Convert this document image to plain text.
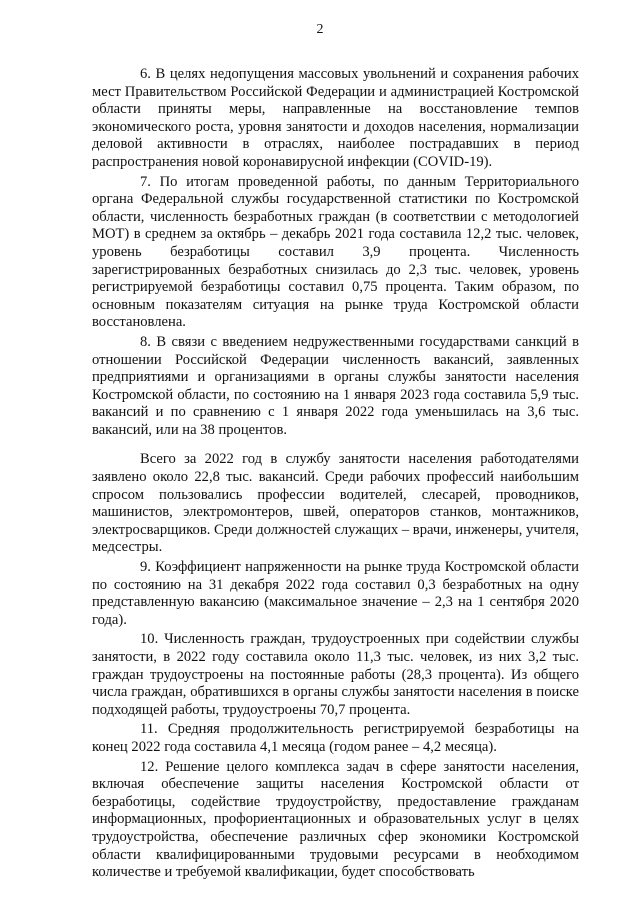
2

6. В целях недопущения массовых увольнений и сохранения рабочих мест Правительством Российской Федерации и администрацией Костромской области приняты меры, направленные на восстановление темпов экономического роста, уровня занятости и доходов населения, нормализации деловой активности в отраслях, наиболее пострадавших в период распространения новой коронавирусной инфекции (COVID-19).

7. По итогам проведенной работы, по данным Территориального органа Федеральной службы государственной статистики по Костромской области, численность безработных граждан (в соответствии с методологией МОТ) в среднем за октябрь – декабрь 2021 года составила 12,2 тыс. человек, уровень безработицы составил 3,9 процента. Численность зарегистрированных безработных снизилась до 2,3 тыс. человек, уровень регистрируемой безработицы составил 0,75 процента. Таким образом, по основным показателям ситуация на рынке труда Костромской области восстановлена.

8. В связи с введением недружественными государствами санкций в отношении Российской Федерации численность вакансий, заявленных предприятиями и организациями в органы службы занятости населения Костромской области, по состоянию на 1 января 2023 года составила 5,9 тыс. вакансий и по сравнению с 1 января 2022 года уменьшилась на 3,6 тыс. вакансий, или на 38 процентов.

Всего за 2022 год в службу занятости населения работодателями заявлено около 22,8 тыс. вакансий. Среди рабочих профессий наибольшим спросом пользовались профессии водителей, слесарей, проводников, машинистов, электромонтеров, швей, операторов станков, монтажников, электросварщиков. Среди должностей служащих – врачи, инженеры, учителя, медсестры.

9. Коэффициент напряженности на рынке труда Костромской области по состоянию на 31 декабря 2022 года составил 0,3 безработных на одну представленную вакансию (максимальное значение – 2,3 на 1 сентября 2020 года).

10. Численность граждан, трудоустроенных при содействии службы занятости, в 2022 году составила около 11,3 тыс. человек, из них 3,2 тыс. граждан трудоустроены на постоянные работы (28,3 процента). Из общего числа граждан, обратившихся в органы службы занятости населения в поиске подходящей работы, трудоустроены 70,7 процента.

11. Средняя продолжительность регистрируемой безработицы на конец 2022 года составила 4,1 месяца (годом ранее – 4,2 месяца).

12. Решение целого комплекса задач в сфере занятости населения, включая обеспечение защиты населения Костромской области от безработицы, содействие трудоустройству, предоставление гражданам информационных, профориентационных и образовательных услуг в целях трудоустройства, обеспечение различных сфер экономики Костромской области квалифицированными трудовыми ресурсами в необходимом количестве и требуемой квалификации, будет способствовать
